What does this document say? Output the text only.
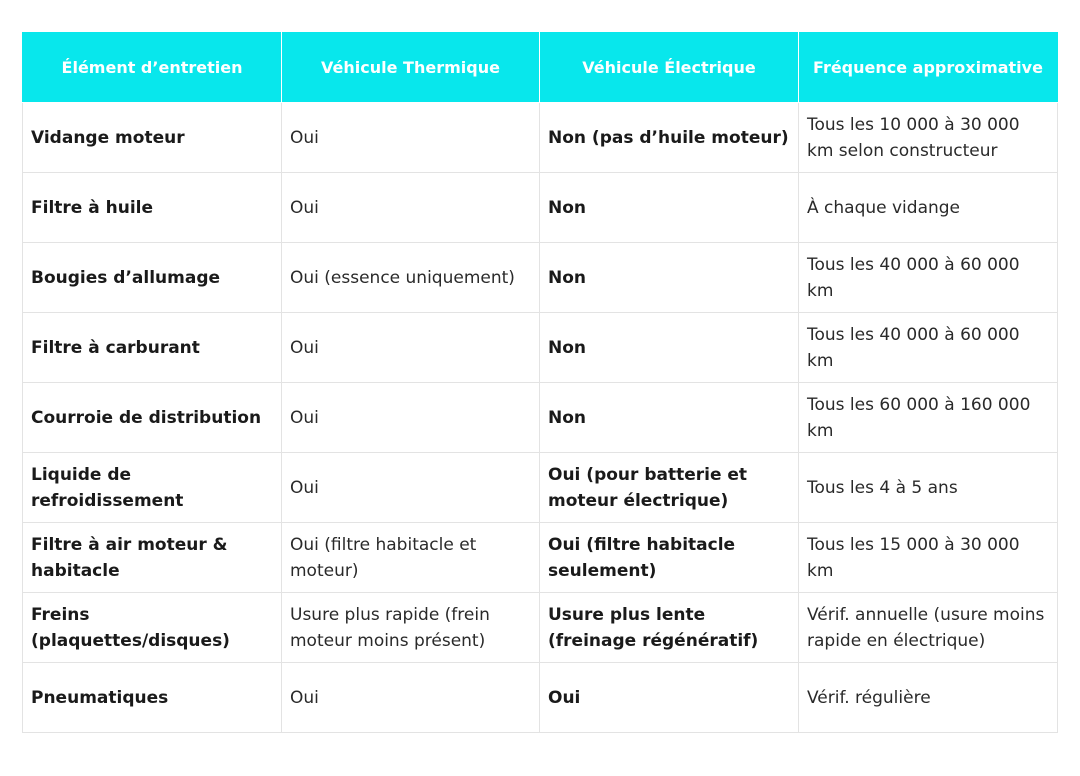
Élément d’entretien	Véhicule Thermique	Véhicule Électrique	Fréquence approximative
Vidange moteur	Oui	Non (pas d’huile moteur)	Tous les 10 000 à 30 000 km selon constructeur
Filtre à huile	Oui	Non	À chaque vidange
Bougies d’allumage	Oui (essence uniquement)	Non	Tous les 40 000 à 60 000 km
Filtre à carburant	Oui	Non	Tous les 40 000 à 60 000 km
Courroie de distribution	Oui	Non	Tous les 60 000 à 160 000 km
Liquide de refroidissement	Oui	Oui (pour batterie et moteur électrique)	Tous les 4 à 5 ans
Filtre à air moteur & habitacle	Oui (filtre habitacle et moteur)	Oui (filtre habitacle seulement)	Tous les 15 000 à 30 000 km
Freins (plaquettes/disques)	Usure plus rapide (frein moteur moins présent)	Usure plus lente (freinage régénératif)	Vérif. annuelle (usure moins rapide en électrique)
Pneumatiques	Oui	Oui	Vérif. régulière
